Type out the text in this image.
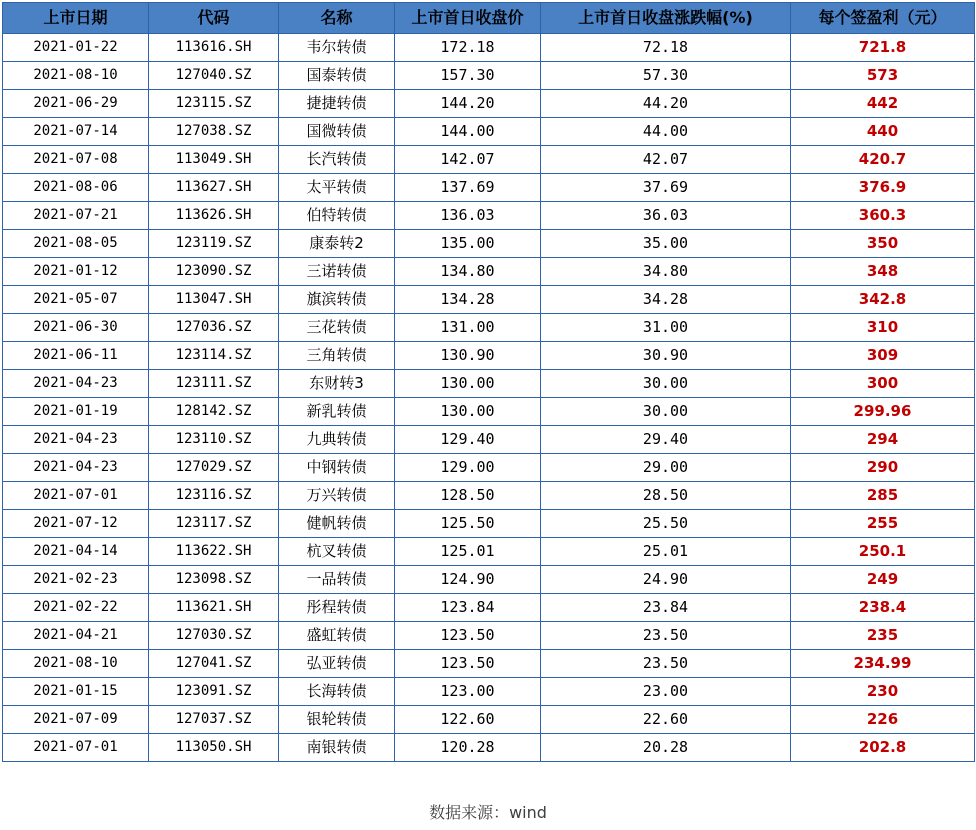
上市日期	代码	名称	上市首日收盘价	上市首日收盘涨跌幅(%)	每个签盈利（元）
2021-01-22	113616.SH	韦尔转债	172.18	72.18	721.8
2021-08-10	127040.SZ	国泰转债	157.30	57.30	573
2021-06-29	123115.SZ	捷捷转债	144.20	44.20	442
2021-07-14	127038.SZ	国微转债	144.00	44.00	440
2021-07-08	113049.SH	长汽转债	142.07	42.07	420.7
2021-08-06	113627.SH	太平转债	137.69	37.69	376.9
2021-07-21	113626.SH	伯特转债	136.03	36.03	360.3
2021-08-05	123119.SZ	康泰转2	135.00	35.00	350
2021-01-12	123090.SZ	三诺转债	134.80	34.80	348
2021-05-07	113047.SH	旗滨转债	134.28	34.28	342.8
2021-06-30	127036.SZ	三花转债	131.00	31.00	310
2021-06-11	123114.SZ	三角转债	130.90	30.90	309
2021-04-23	123111.SZ	东财转3	130.00	30.00	300
2021-01-19	128142.SZ	新乳转债	130.00	30.00	299.96
2021-04-23	123110.SZ	九典转债	129.40	29.40	294
2021-04-23	127029.SZ	中钢转债	129.00	29.00	290
2021-07-01	123116.SZ	万兴转债	128.50	28.50	285
2021-07-12	123117.SZ	健帆转债	125.50	25.50	255
2021-04-14	113622.SH	杭叉转债	125.01	25.01	250.1
2021-02-23	123098.SZ	一品转债	124.90	24.90	249
2021-02-22	113621.SH	彤程转债	123.84	23.84	238.4
2021-04-21	127030.SZ	盛虹转债	123.50	23.50	235
2021-08-10	127041.SZ	弘亚转债	123.50	23.50	234.99
2021-01-15	123091.SZ	长海转债	123.00	23.00	230
2021-07-09	127037.SZ	银轮转债	122.60	22.60	226
2021-07-01	113050.SH	南银转债	120.28	20.28	202.8
数据来源：wind
